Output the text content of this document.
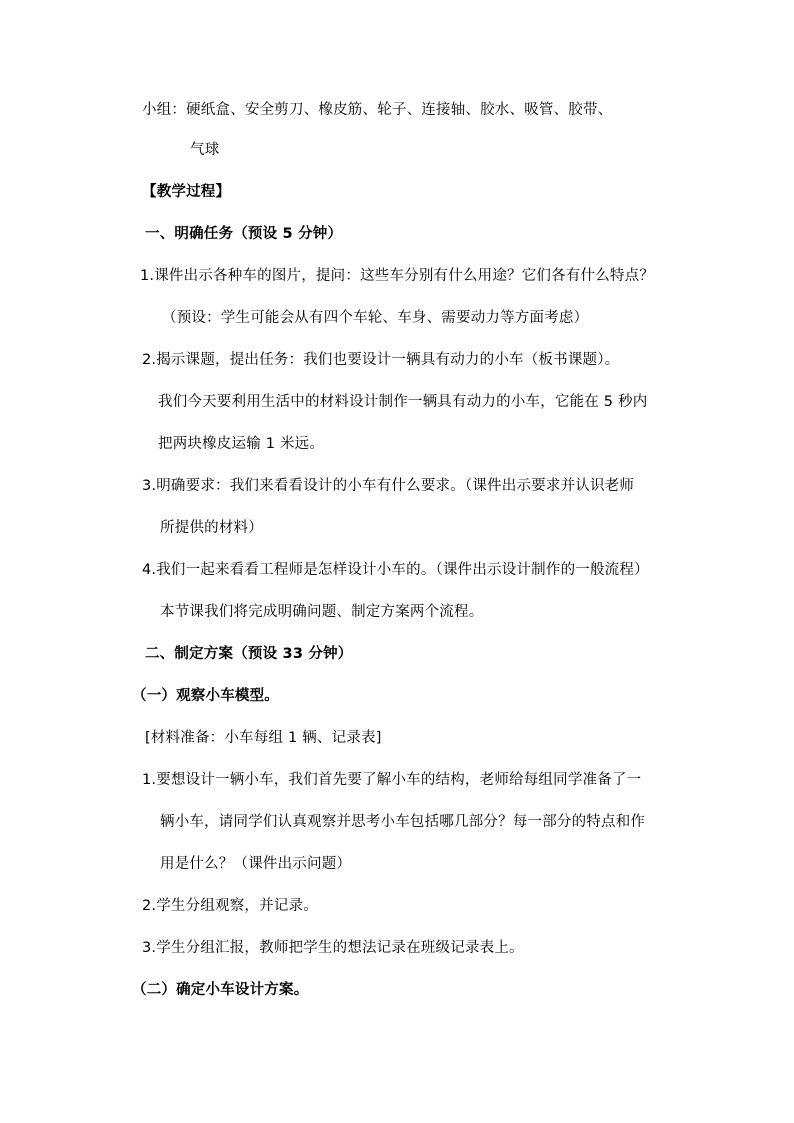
小组：硬纸盒、安全剪刀、橡皮筋、轮子、连接轴、胶水、吸管、胶带、
气球
【教学过程】
一、明确任务（预设 5 分钟）
1.课件出示各种车的图片，提问：这些车分别有什么用途？它们各有什么特点？
（预设：学生可能会从有四个车轮、车身、需要动力等方面考虑）
2.揭示课题，提出任务：我们也要设计一辆具有动力的小车（板书课题）。
我们今天要利用生活中的材料设计制作一辆具有动力的小车，它能在 5 秒内
把两块橡皮运输 1 米远。
3.明确要求：我们来看看设计的小车有什么要求。（课件出示要求并认识老师
所提供的材料）
4.我们一起来看看工程师是怎样设计小车的。（课件出示设计制作的一般流程）
本节课我们将完成明确问题、制定方案两个流程。
二、制定方案（预设 33 分钟）
（一）观察小车模型。
[材料准备：小车每组 1 辆、记录表]
1.要想设计一辆小车，我们首先要了解小车的结构，老师给每组同学准备了一
辆小车，请同学们认真观察并思考小车包括哪几部分？每一部分的特点和作
用是什么？（课件出示问题）
2.学生分组观察，并记录。
3.学生分组汇报，教师把学生的想法记录在班级记录表上。
（二）确定小车设计方案。
